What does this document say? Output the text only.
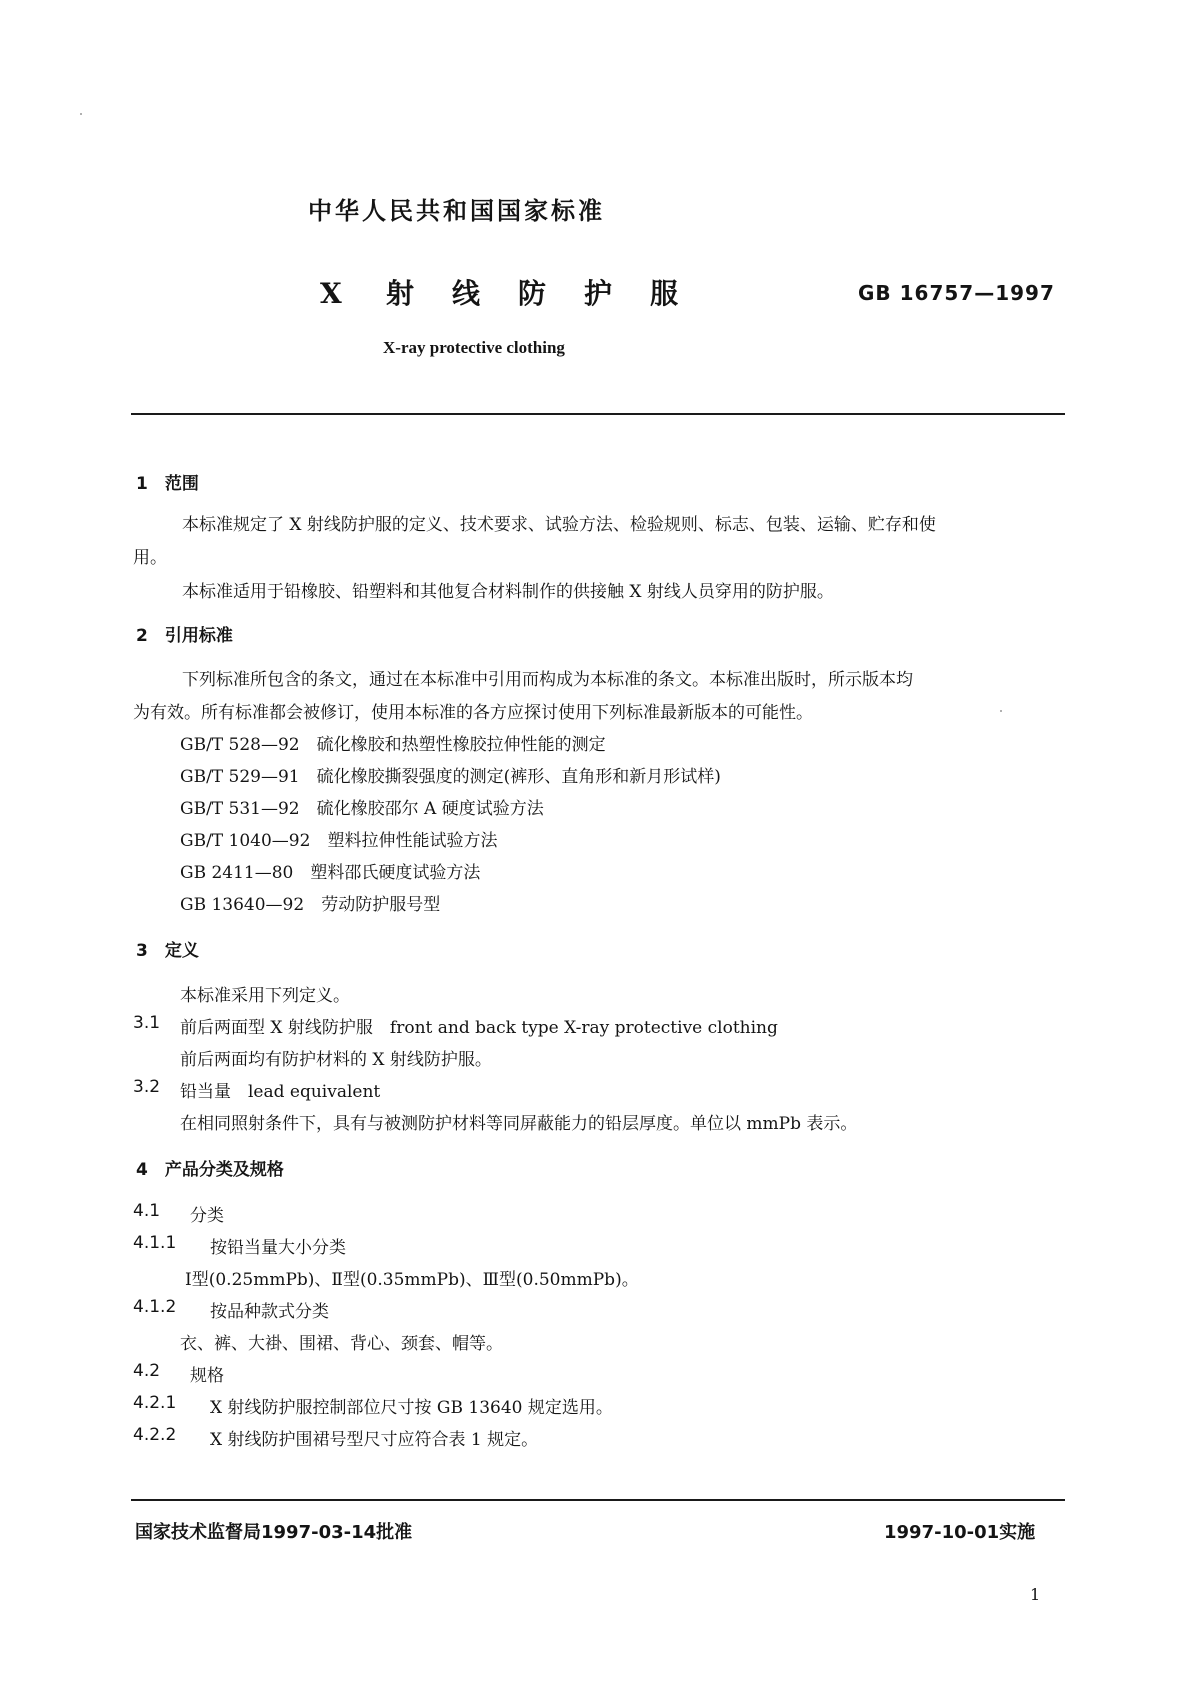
中华人民共和国国家标准
X 射 线 防 护 服	GB 16757—1997
X-ray protective clothing
1　范围
本标准规定了 X 射线防护服的定义、技术要求、试验方法、检验规则、标志、包装、运输、贮存和使
用。
本标准适用于铅橡胶、铅塑料和其他复合材料制作的供接触 X 射线人员穿用的防护服。
2　引用标准
下列标准所包含的条文，通过在本标准中引用而构成为本标准的条文。本标准出版时，所示版本均
为有效。所有标准都会被修订，使用本标准的各方应探讨使用下列标准最新版本的可能性。
GB/T 528—92　硫化橡胶和热塑性橡胶拉伸性能的测定
GB/T 529—91　硫化橡胶撕裂强度的测定(裤形、直角形和新月形试样)
GB/T 531—92　硫化橡胶邵尔 A 硬度试验方法
GB/T 1040—92　塑料拉伸性能试验方法
GB 2411—80　塑料邵氏硬度试验方法
GB 13640—92　劳动防护服号型
3　定义
本标准采用下列定义。
3.1 前后两面型 X 射线防护服　front and back type X-ray protective clothing
前后两面均有防护材料的 X 射线防护服。
3.2 铅当量　lead equivalent
在相同照射条件下，具有与被测防护材料等同屏蔽能力的铅层厚度。单位以 mmPb 表示。
4　产品分类及规格
4.1 分类
4.1.1 按铅当量大小分类
Ⅰ型(0.25mmPb)、Ⅱ型(0.35mmPb)、Ⅲ型(0.50mmPb)。
4.1.2 按品种款式分类
衣、裤、大褂、围裙、背心、颈套、帽等。
4.2 规格
4.2.1 X 射线防护服控制部位尺寸按 GB 13640 规定选用。
4.2.2 X 射线防护围裙号型尺寸应符合表 1 规定。
国家技术监督局1997-03-14批准	1997-10-01实施
1
